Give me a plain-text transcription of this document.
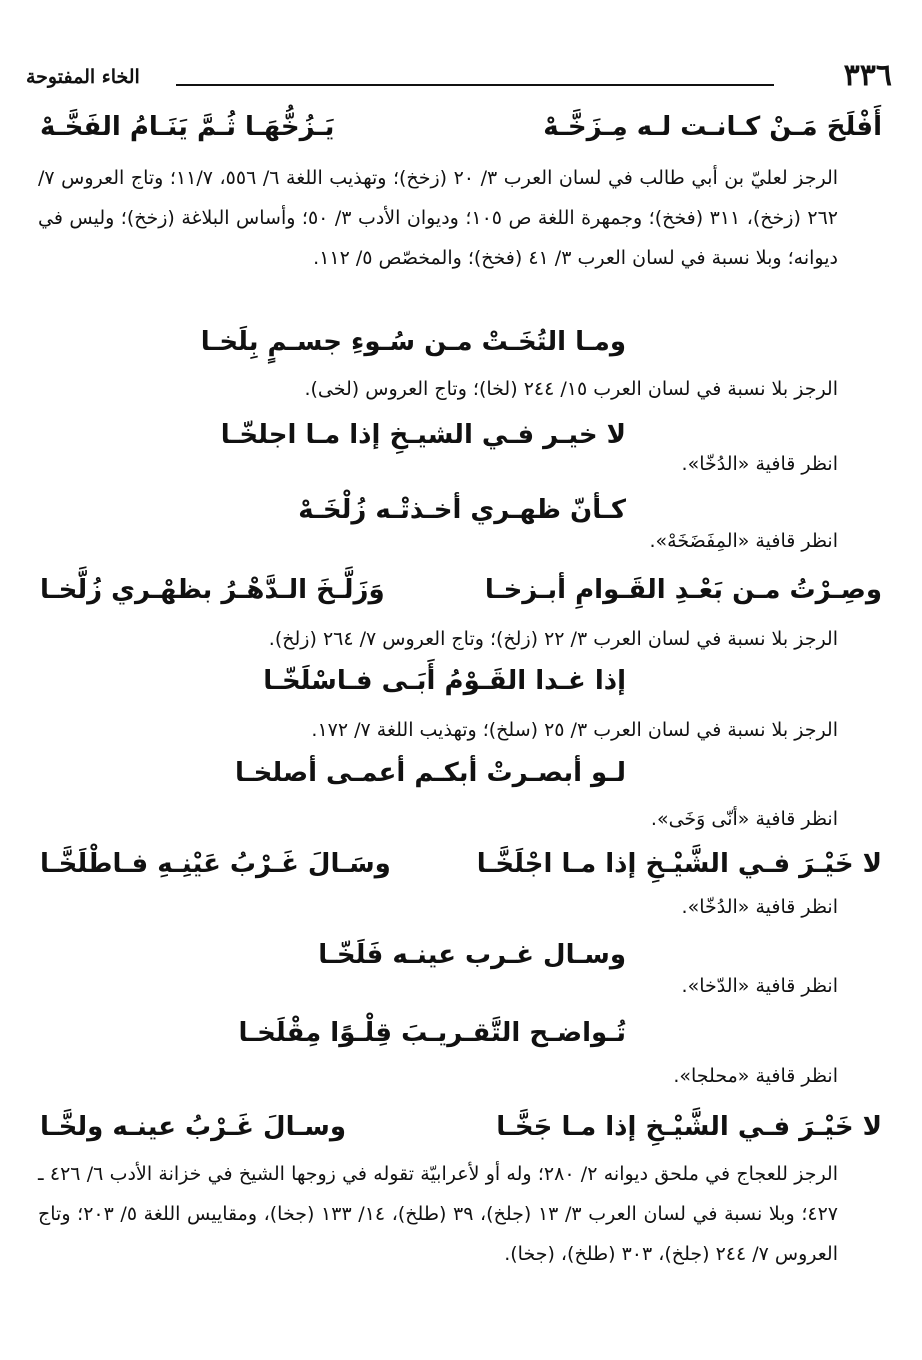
٣٣٦
الخاء المفتوحة
أَفْلَحَ مَـنْ كـانـت لـه مِـزَخَّـهْ
يَـزُخُّهَـا ثُـمَّ يَنَـامُ الفَخَّـهْ
الرجز لعليّ بن أبي طالب في لسان العرب ٣/ ٢٠ (زخخ)؛ وتهذيب اللغة ٦/ ٥٥٦، ١١/٧؛ وتاج العروس ٧/ ٢٦٢ (زخخ)، ٣١١ (فخخ)؛ وجمهرة اللغة ص ١٠٥؛ وديوان الأدب ٣/ ٥٠؛ وأساس البلاغة (زخخ)؛ وليس في ديوانه؛ وبلا نسبة في لسان العرب ٣/ ٤١ (فخخ)؛ والمخصّص ٥/ ١١٢.
ومـا التُخَـتْ مـن سُـوءِ جسـمٍ بِلَخـا
الرجز بلا نسبة في لسان العرب ١٥/ ٢٤٤ (لخا)؛ وتاج العروس (لخى).
لا خيـر فـي الشيـخِ إذا مـا اجلخّـا
انظر قافية «الدُخّا».
كـأنّ ظهـري أخـذتْـه زُلْخَـهْ
انظر قافية «المِفَضَخَهْ».
وصِـرْتُ مـن بَعْـدِ القَـوامِ أبـزخـا
وَزَلَّـخَ الـدَّهْـرُ بظهْـري زُلَّخـا
الرجز بلا نسبة في لسان العرب ٣/ ٢٢ (زلخ)؛ وتاج العروس ٧/ ٢٦٤ (زلخ).
إذا غـدا القَـوْمُ أَبَـى فـاسْلَخّـا
الرجز بلا نسبة في لسان العرب ٣/ ٢٥ (سلخ)؛ وتهذيب اللغة ٧/ ١٧٢.
لـو أبصـرتْ أبكـم أعمـى أصلخـا
انظر قافية «أنّى وَخَى».
لا خَيْـرَ فـي الشَّيْـخِ إذا مـا اجْلَخَّـا
وسَـالَ غَـرْبُ عَيْنِـهِ فـاطْلَخَّـا
انظر قافية «الدُخّا».
وسـال غـرب عينـه فَلَخّـا
انظر قافية «الدّخا».
تُـواضـح التَّقـريـبَ قِلْـوًا مِقْلَخـا
انظر قافية «محلجا».
لا خَيْـرَ فـي الشَّيْـخِ إذا مـا جَخَّـا
وسـالَ غَـرْبُ عينـه ولخَّـا
الرجز للعجاج في ملحق ديوانه ٢/ ٢٨٠؛ وله أو لأعرابيّة تقوله في زوجها الشيخ في خزانة الأدب ٦/ ٤٢٦ ـ ٤٢٧؛ وبلا نسبة في لسان العرب ٣/ ١٣ (جلخ)، ٣٩ (طلخ)، ١٤/ ١٣٣ (جخا)، ومقاييس اللغة ٥/ ٢٠٣؛ وتاج العروس ٧/ ٢٤٤ (جلخ)، ٣٠٣ (طلخ)، (جخا).
